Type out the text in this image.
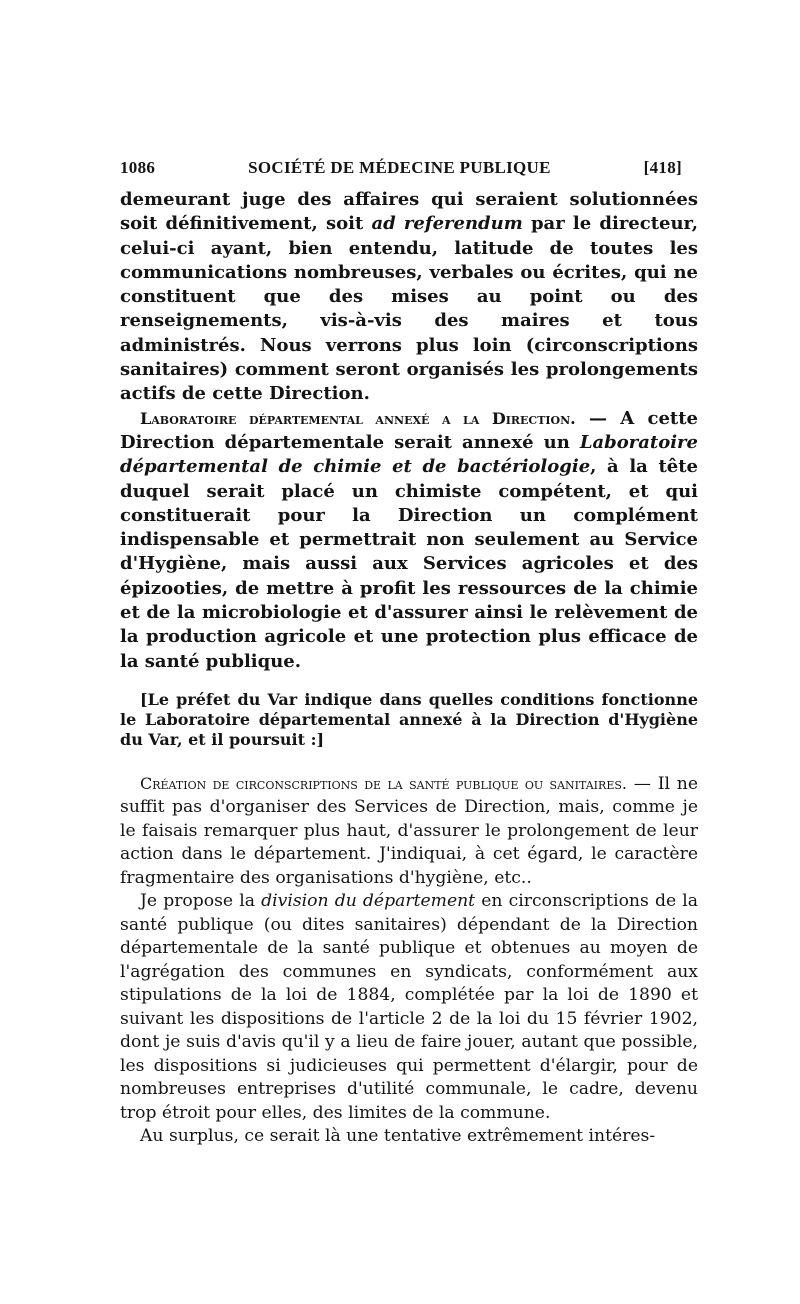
1086	SOCIÉTÉ DE MÉDECINE PUBLIQUE	[418]

demeurant juge des affaires qui seraient solutionnées soit définitivement, soit ad referendum par le directeur, celui-ci ayant, bien entendu, latitude de toutes les communications nombreuses, verbales ou écrites, qui ne constituent que des mises au point ou des renseignements, vis-à-vis des maires et tous administrés. Nous verrons plus loin (circonscriptions sanitaires) comment seront organisés les prolongements actifs de cette Direction.

Laboratoire départemental annexé a la Direction. — A cette Direction départementale serait annexé un Laboratoire départemental de chimie et de bactériologie, à la tête duquel serait placé un chimiste compétent, et qui constituerait pour la Direction un complément indispensable et permettrait non seulement au Service d'Hygiène, mais aussi aux Services agricoles et des épizooties, de mettre à profit les ressources de la chimie et de la microbiologie et d'assurer ainsi le relèvement de la production agricole et une protection plus efficace de la santé publique.

[Le préfet du Var indique dans quelles conditions fonctionne le Laboratoire départemental annexé à la Direction d'Hygiène du Var, et il poursuit :]

Création de circonscriptions de la santé publique ou sanitaires. — Il ne suffit pas d'organiser des Services de Direction, mais, comme je le faisais remarquer plus haut, d'assurer le prolongement de leur action dans le département. J'indiquai, à cet égard, le caractère fragmentaire des organisations d'hygiène, etc..

Je propose la division du département en circonscriptions de la santé publique (ou dites sanitaires) dépendant de la Direction départementale de la santé publique et obtenues au moyen de l'agrégation des communes en syndicats, conformément aux stipulations de la loi de 1884, complétée par la loi de 1890 et suivant les dispositions de l'article 2 de la loi du 15 février 1902, dont je suis d'avis qu'il y a lieu de faire jouer, autant que possible, les dispositions si judicieuses qui permettent d'élargir, pour de nombreuses entreprises d'utilité communale, le cadre, devenu trop étroit pour elles, des limites de la commune.

Au surplus, ce serait là une tentative extrêmement intéres-
